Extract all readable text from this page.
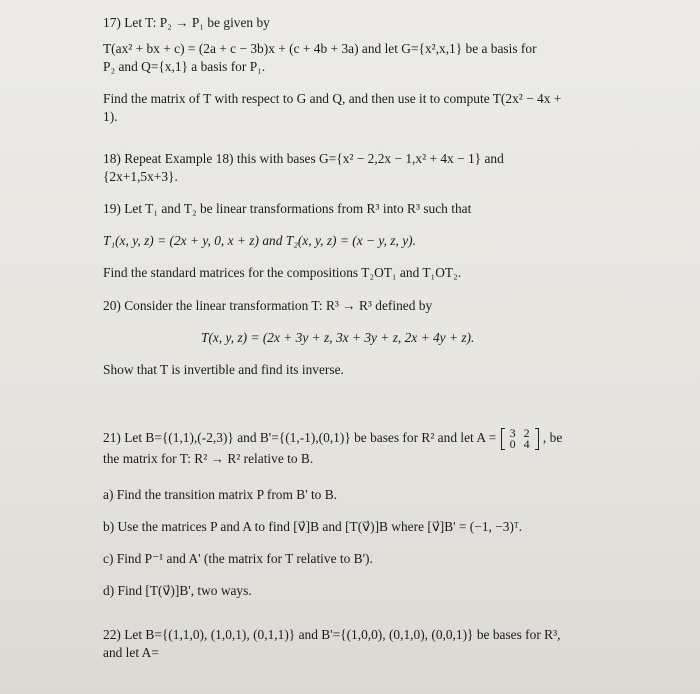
17) Let T: P₂ → P₁ be given by
T(ax² + bx + c) = (2a + c − 3b)x + (c + 4b + 3a) and let G={x²,x,1} be a basis for
P₂ and Q={x,1} a basis for P₁.
Find the matrix of T with respect to G and Q, and then use it to compute T(2x² − 4x +
1).
18) Repeat Example 18) this with bases G={x² − 2,2x − 1,x² + 4x − 1} and
{2x+1,5x+3}.
19) Let T₁ and T₂ be linear transformations from R³ into R³ such that
T₁(x, y, z) = (2x + y, 0, x + z) and T₂(x, y, z) = (x − y, z, y).
Find the standard matrices for the compositions T₂OT₁ and T₁OT₂.
20) Consider the linear transformation T: R³ → R³ defined by
T(x, y, z) = (2x + 3y + z, 3x + 3y + z, 2x + 4y + z).
Show that T is invertible and find its inverse.
21) Let B={(1,1),(-2,3)} and B'={(1,-1),(0,1)} be bases for R² and let A =	3 2
0 4 , be
the matrix for T: R² → R² relative to B.
a) Find the transition matrix P from B' to B.
b) Use the matrices P and A to find [v⃗]B and [T(v⃗)]B where [v⃗]B' = (−1, −3)ᵀ.
c) Find P⁻¹ and A' (the matrix for T relative to B').
d) Find [T(v⃗)]B', two ways.
22) Let B={(1,1,0), (1,0,1), (0,1,1)} and B'={(1,0,0), (0,1,0), (0,0,1)} be bases for R³,
and let A=
